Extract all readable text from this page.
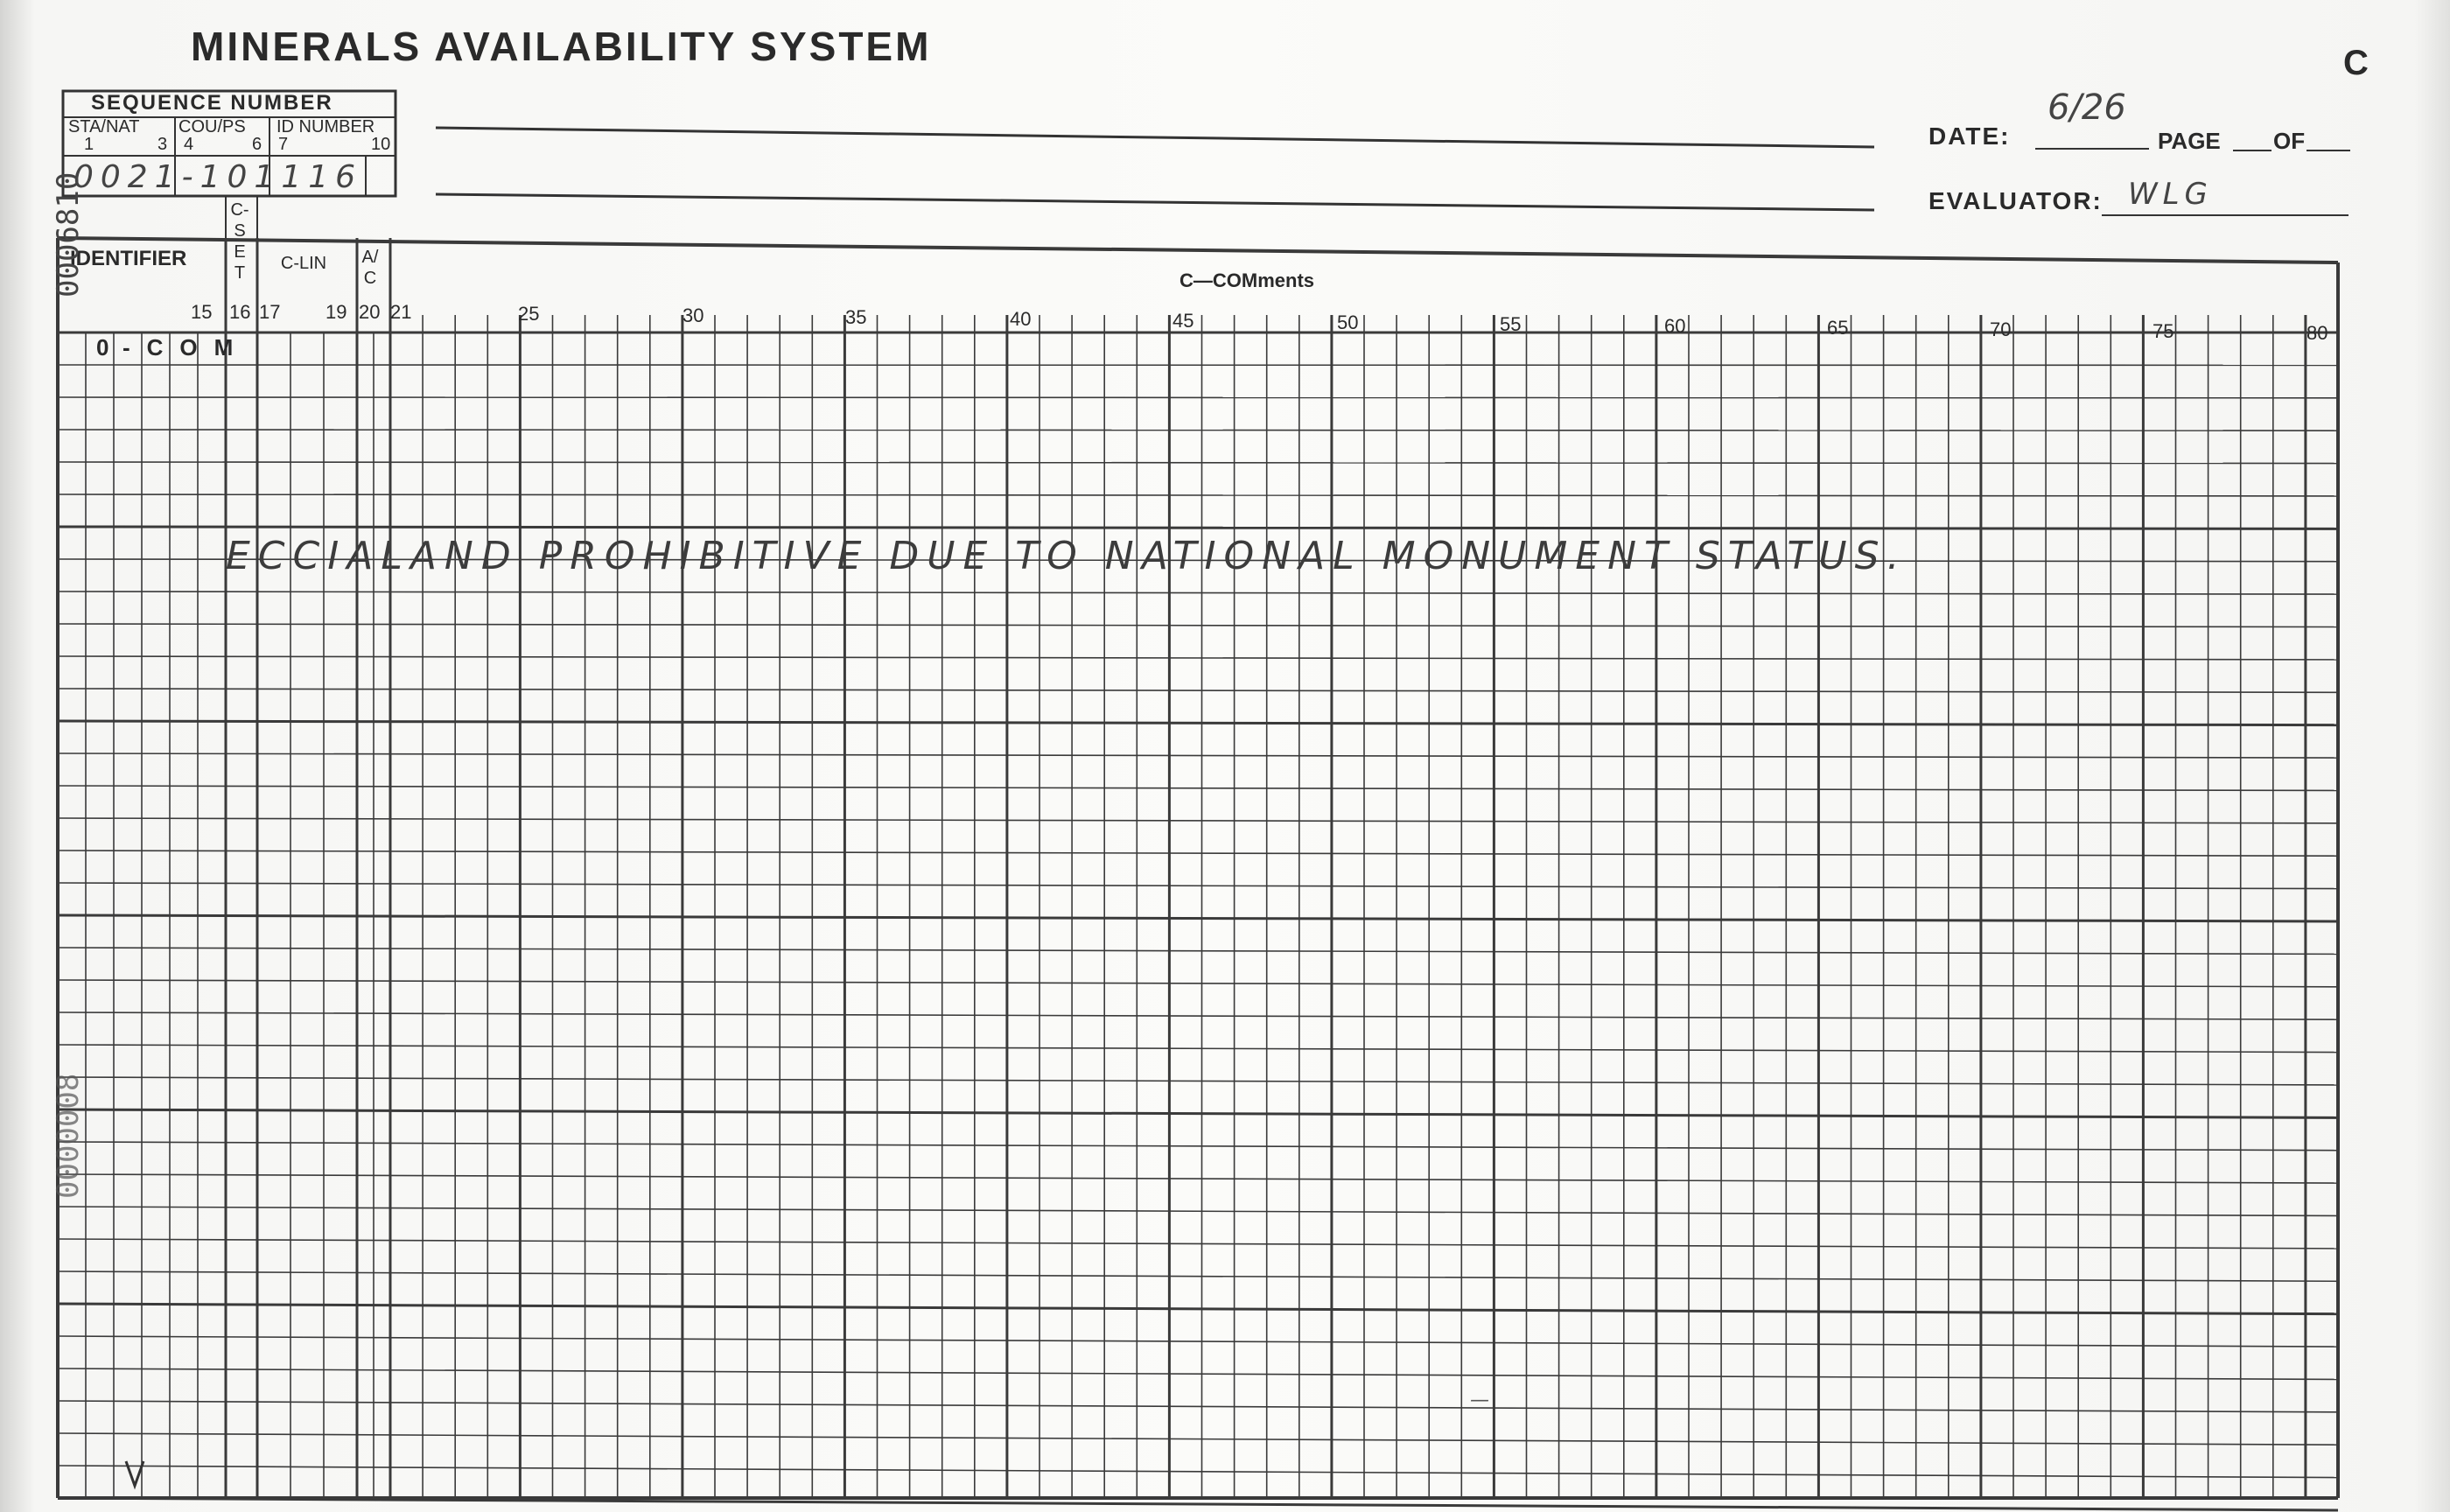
MINERALS AVAILABILITY SYSTEM	C
SEQUENCE NUMBER
STA/NAT COU/PS ID NUMBER
1	3 4	6 7	10
0021-101116
DATE:
6/26
PAGE OF
EVALUATOR: WLG
IDENTIFIER
C-SET	C-LIN	A/C	C—COMments
15 16 17 19 20 21	25	30	35	40	45	50	55	60	65	70	75	80
0 -COM
ECCIALAND PROHIBITIVE DUE TO NATIONAL MONUMENT STATUS.
0006810
0000008
—
